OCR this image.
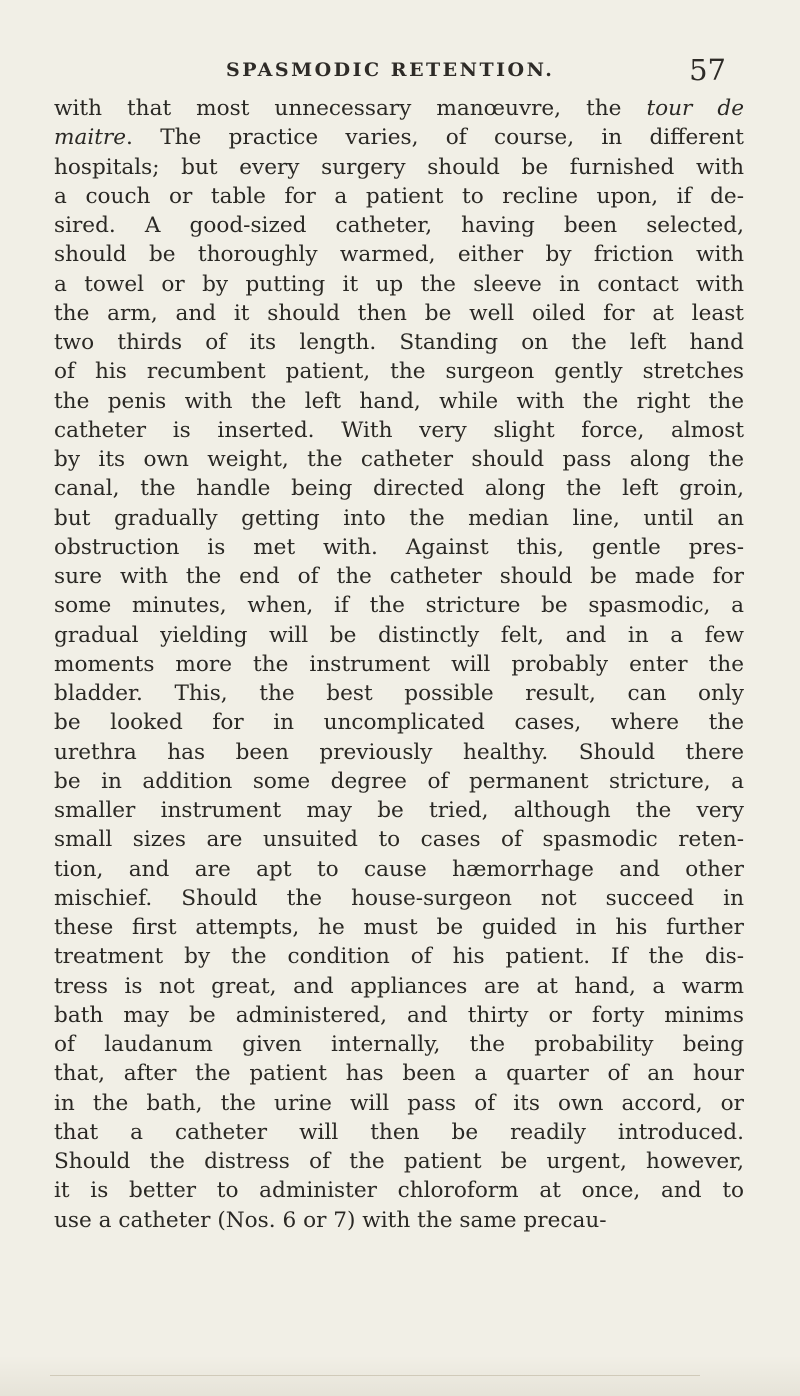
SPASMODIC RETENTION.	57
with that most unnecessary manœuvre, the tour de
maitre. The practice varies, of course, in different
hospitals; but every surgery should be furnished with
a couch or table for a patient to recline upon, if de-
sired. A good-sized catheter, having been selected,
should be thoroughly warmed, either by friction with
a towel or by putting it up the sleeve in contact with
the arm, and it should then be well oiled for at least
two thirds of its length. Standing on the left hand
of his recumbent patient, the surgeon gently stretches
the penis with the left hand, while with the right the
catheter is inserted. With very slight force, almost
by its own weight, the catheter should pass along the
canal, the handle being directed along the left groin,
but gradually getting into the median line, until an
obstruction is met with. Against this, gentle pres-
sure with the end of the catheter should be made for
some minutes, when, if the stricture be spasmodic, a
gradual yielding will be distinctly felt, and in a few
moments more the instrument will probably enter the
bladder. This, the best possible result, can only
be looked for in uncomplicated cases, where the
urethra has been previously healthy. Should there
be in addition some degree of permanent stricture, a
smaller instrument may be tried, although the very
small sizes are unsuited to cases of spasmodic reten-
tion, and are apt to cause hæmorrhage and other
mischief. Should the house-surgeon not succeed in
these first attempts, he must be guided in his further
treatment by the condition of his patient. If the dis-
tress is not great, and appliances are at hand, a warm
bath may be administered, and thirty or forty minims
of laudanum given internally, the probability being
that, after the patient has been a quarter of an hour
in the bath, the urine will pass of its own accord, or
that a catheter will then be readily introduced.
Should the distress of the patient be urgent, however,
it is better to administer chloroform at once, and to
use a catheter (Nos. 6 or 7) with the same precau-
